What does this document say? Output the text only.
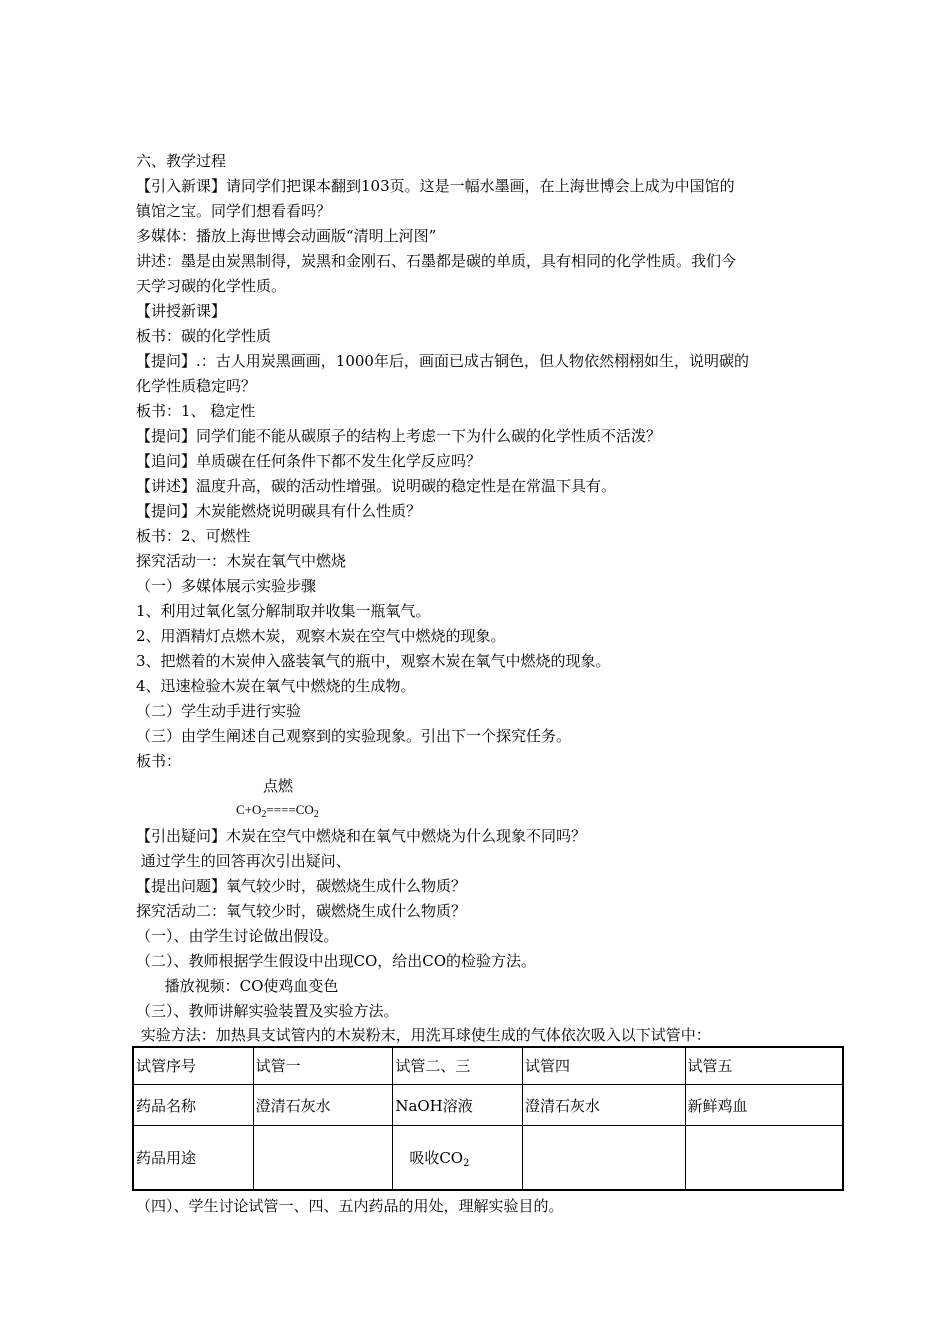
六、教学过程
【引入新课】请同学们把课本翻到103页。这是一幅水墨画，在上海世博会上成为中国馆的
镇馆之宝。同学们想看看吗？
多媒体：播放上海世博会动画版“清明上河图”
讲述：墨是由炭黑制得，炭黑和金刚石、石墨都是碳的单质，具有相同的化学性质。我们今
天学习碳的化学性质。
【讲授新课】
板书：碳的化学性质
【提问】.：古人用炭黑画画，1000年后，画面已成古铜色，但人物依然栩栩如生，说明碳的
化学性质稳定吗？
板书：1、 稳定性
【提问】同学们能不能从碳原子的结构上考虑一下为什么碳的化学性质不活泼？
【追问】单质碳在任何条件下都不发生化学反应吗？
【讲述】温度升高，碳的活动性增强。说明碳的稳定性是在常温下具有。
【提问】木炭能燃烧说明碳具有什么性质？
板书：2、可燃性
探究活动一：木炭在氧气中燃烧
（一）多媒体展示实验步骤
1、利用过氧化氢分解制取并收集一瓶氧气。
2、用酒精灯点燃木炭，观察木炭在空气中燃烧的现象。
3、把燃着的木炭伸入盛装氧气的瓶中，观察木炭在氧气中燃烧的现象。
4、迅速检验木炭在氧气中燃烧的生成物。
（二）学生动手进行实验
（三）由学生阐述自己观察到的实验现象。引出下一个探究任务。
板书：
点燃
$C+O_2====CO_2$
【引出疑问】木炭在空气中燃烧和在氧气中燃烧为什么现象不同吗？
通过学生的回答再次引出疑问、
【提出问题】氧气较少时，碳燃烧生成什么物质？
探究活动二：氧气较少时，碳燃烧生成什么物质？
（一）、由学生讨论做出假设。
（二）、教师根据学生假设中出现CO，给出CO的检验方法。
播放视频：CO使鸡血变色
（三）、教师讲解实验装置及实验方法。
实验方法：加热具支试管内的木炭粉末，用洗耳球使生成的气体依次吸入以下试管中：
试管序号	试管一	试管二、三	试管四	试管五
药品名称	澄清石灰水	NaOH溶液	澄清石灰水	新鲜鸡血
药品用途		吸收$CO_2$		
（四）、学生讨论试管一、四、五内药品的用处，理解实验目的。
